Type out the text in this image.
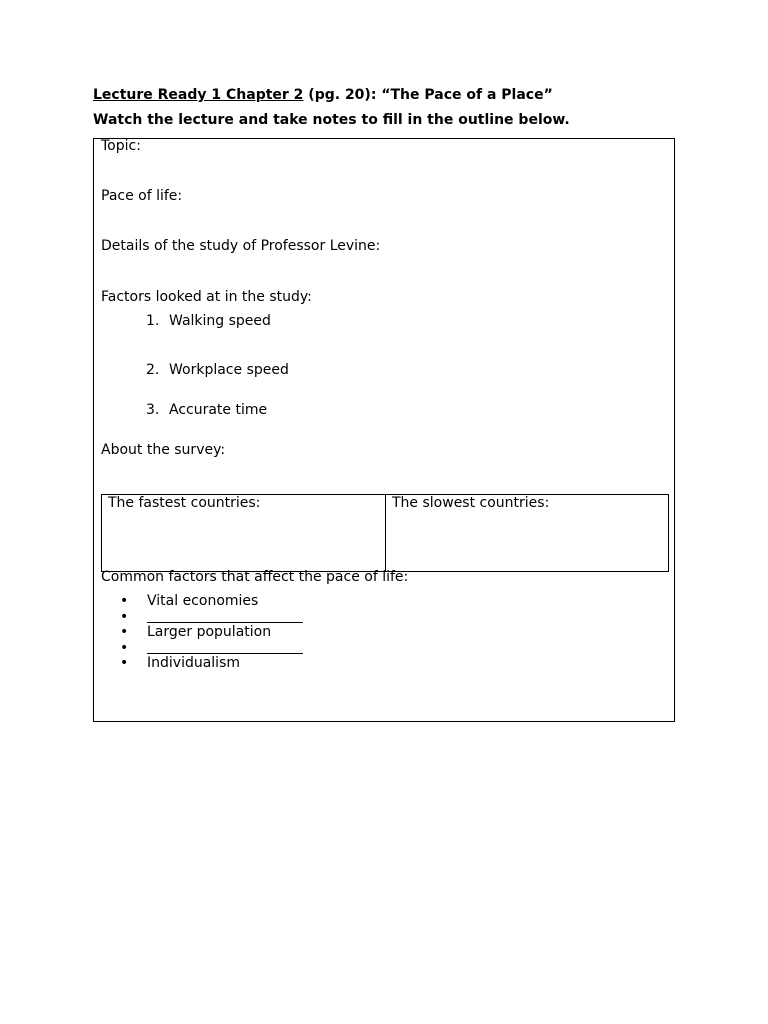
Lecture Ready 1 Chapter 2 (pg. 20): “The Pace of a Place”
Watch the lecture and take notes to fill in the outline below.
Topic:
Pace of life:
Details of the study of Professor Levine:
Factors looked at in the study:
1. Walking speed
2. Workplace speed
3. Accurate time
About the survey:
The fastest countries:	The slowest countries:
Common factors that affect the pace of life:
• Vital economies
•
• Larger population
•
• Individualism
